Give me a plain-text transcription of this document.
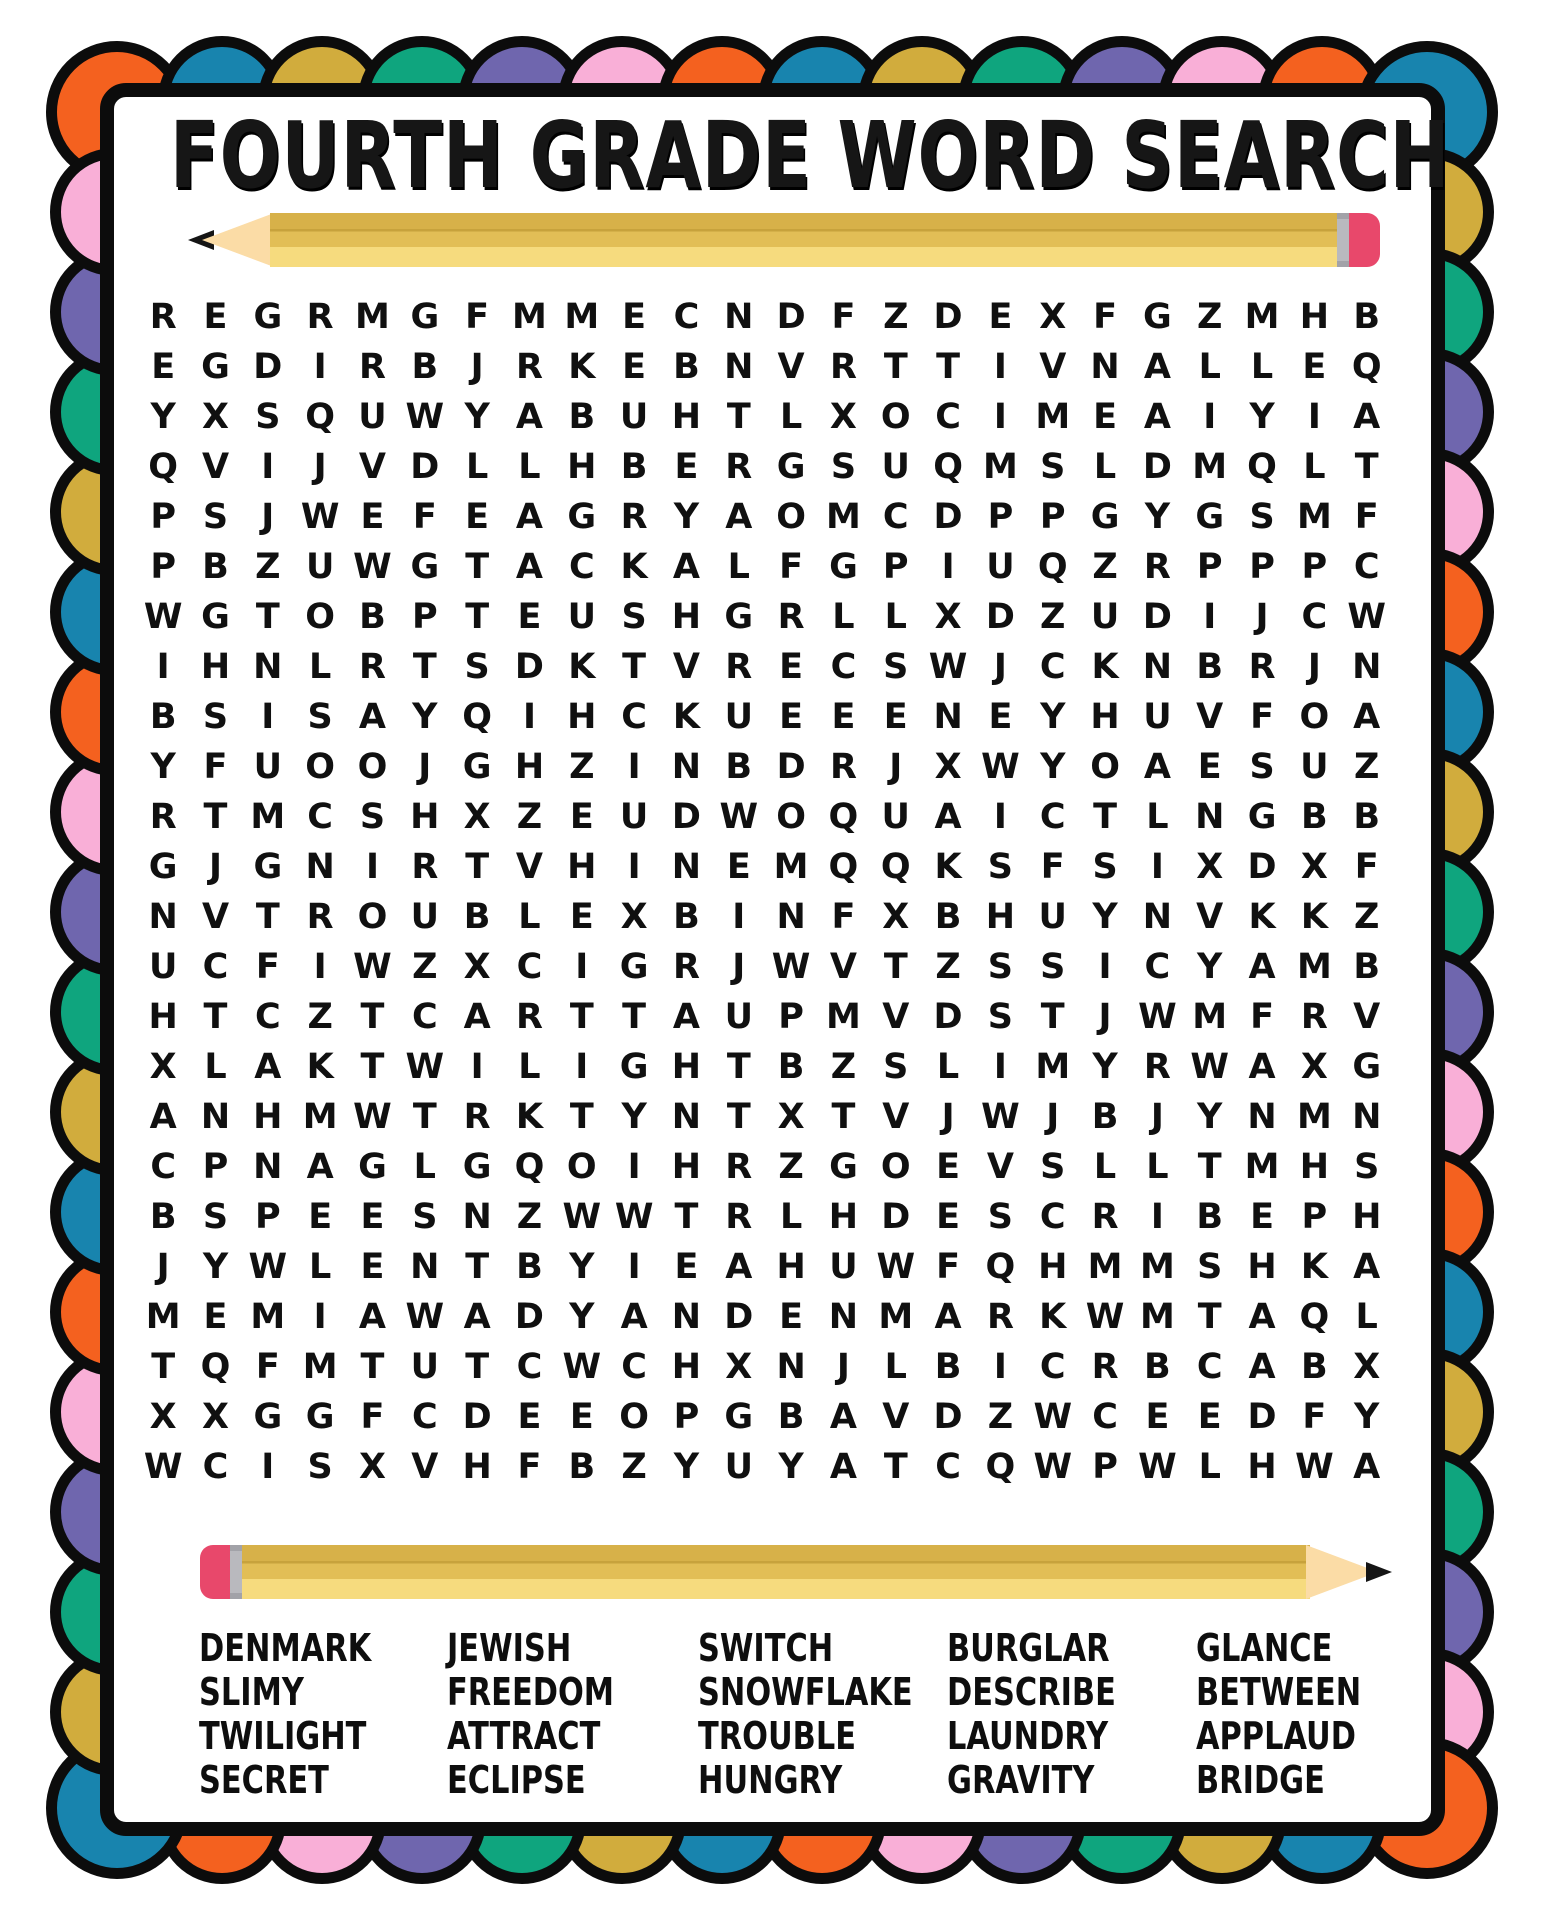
FOURTH GRADE WORD SEARCH
R E G R M G F M M E C N D F Z D E X F G Z M H B
E G D I R B J R K E B N V R T T I V N A L L E Q
Y X S Q U W Y A B U H T L X O C I M E A I Y I A
Q V I	J V D L L H B E R G S U Q M S L D M Q L T
P S J W E F E A G R Y A O M C D P P G Y G S M F
P B Z U W G T A C K A L F G P I U Q Z R P P P C
W G T O B P T E U S H G R L L X D Z U D I	J C W
I H N L R T S D K T V R E C S W J C K N B R J N
B S I S A Y Q I H C K U E E E N E Y H U V F O A
Y F U O O J G H Z I N B D R J X W Y O A E S U Z
R T M C S H X Z E U D W O Q U A I C T L N G B B
G J G N I R T V H I N E M Q Q K S F S I X D X F
N V T R O U B L E X B I N F X B H U Y N V K K Z
U C F I W Z X C I G R J W V T Z S S I C Y A M B
H T C Z T C A R T T A U P M V D S T J W M F R V
X L A K T W I L I G H T B Z S L I M Y R W A X G
A N H M W T R K T Y N T X T V J W J B J Y N M N
C P N A G L G Q O I H R Z G O E V S L L T M H S
B S P E E S N Z W W T R L H D E S C R I B E P H
J Y W L E N T B Y I E A H U W F Q H M M S H K A
M E M I A W A D Y A N D E N M A R K W M T A Q L
T Q F M T U T C W C H X N J L B I C R B C A B X
X X G G F C D E E O P G B A V D Z W C E E D F Y
W C I S X V H F B Z Y U Y A T C Q W P W L H W A
DENMARK
SLIMY
TWILIGHT
SECRET
JEWISH
FREEDOM
ATTRACT
ECLIPSE
SWITCH
SNOWFLAKE
TROUBLE
HUNGRY
BURGLAR
DESCRIBE
LAUNDRY
GRAVITY
GLANCE
BETWEEN
APPLAUD
BRIDGE
